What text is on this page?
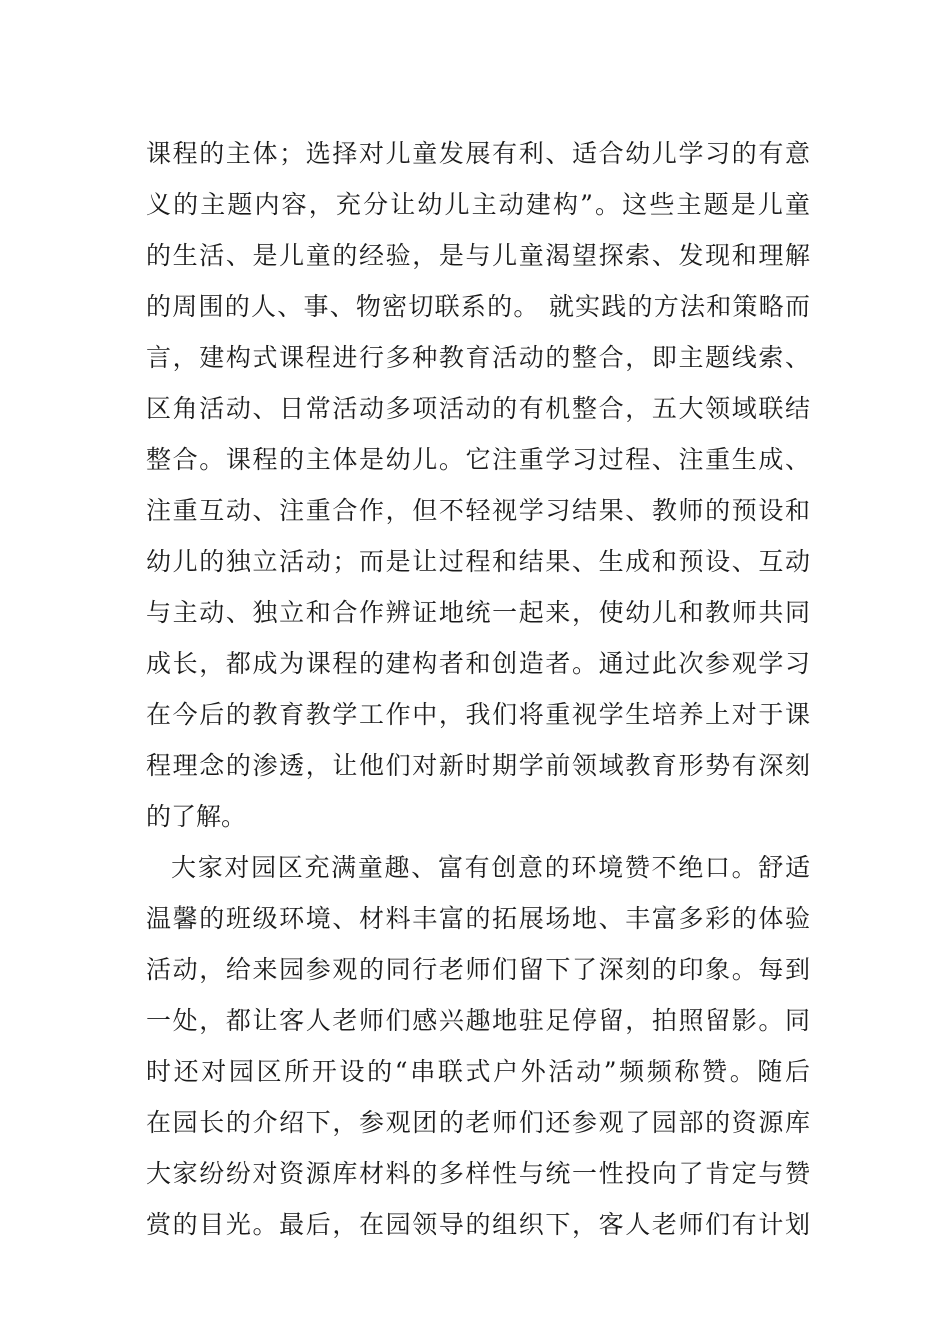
课程的主体；选择对儿童发展有利、适合幼儿学习的有意
义的主题内容，充分让幼儿主动建构”。这些主题是儿童
的生活、是儿童的经验，是与儿童渴望探索、发现和理解
的周围的人、事、物密切联系的。 就实践的方法和策略而
言，建构式课程进行多种教育活动的整合，即主题线索、
区角活动、日常活动多项活动的有机整合，五大领域联结
整合。课程的主体是幼儿。它注重学习过程、注重生成、
注重互动、注重合作，但不轻视学习结果、教师的预设和
幼儿的独立活动；而是让过程和结果、生成和预设、互动
与主动、独立和合作辨证地统一起来，使幼儿和教师共同
成长，都成为课程的建构者和创造者。通过此次参观学习
在今后的教育教学工作中，我们将重视学生培养上对于课
程理念的渗透，让他们对新时期学前领域教育形势有深刻
的了解。
大家对园区充满童趣、富有创意的环境赞不绝口。舒适
温馨的班级环境、材料丰富的拓展场地、丰富多彩的体验
活动，给来园参观的同行老师们留下了深刻的印象。每到
一处，都让客人老师们感兴趣地驻足停留，拍照留影。同
时还对园区所开设的“串联式户外活动”频频称赞。随后
在园长的介绍下，参观团的老师们还参观了园部的资源库
大家纷纷对资源库材料的多样性与统一性投向了肯定与赞
赏的目光。最后，在园领导的组织下，客人老师们有计划
